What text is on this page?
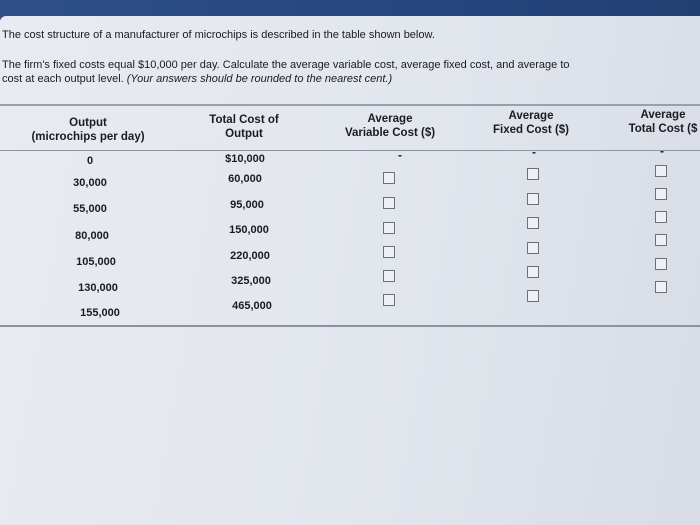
The cost structure of a manufacturer of microchips is described in the table shown below.
The firm's fixed costs equal $10,000 per day. Calculate the average variable cost, average fixed cost, and average to
cost at each output level. (Your answers should be rounded to the nearest cent.)
Output
(microchips per day)
Total Cost of
Output
Average
Variable Cost ($)
Average
Fixed Cost ($)
Average
Total Cost ($
0
30,000
55,000
80,000
105,000
130,000
155,000
$10,000
60,000
95,000
150,000
220,000
325,000
465,000
-	-	-
